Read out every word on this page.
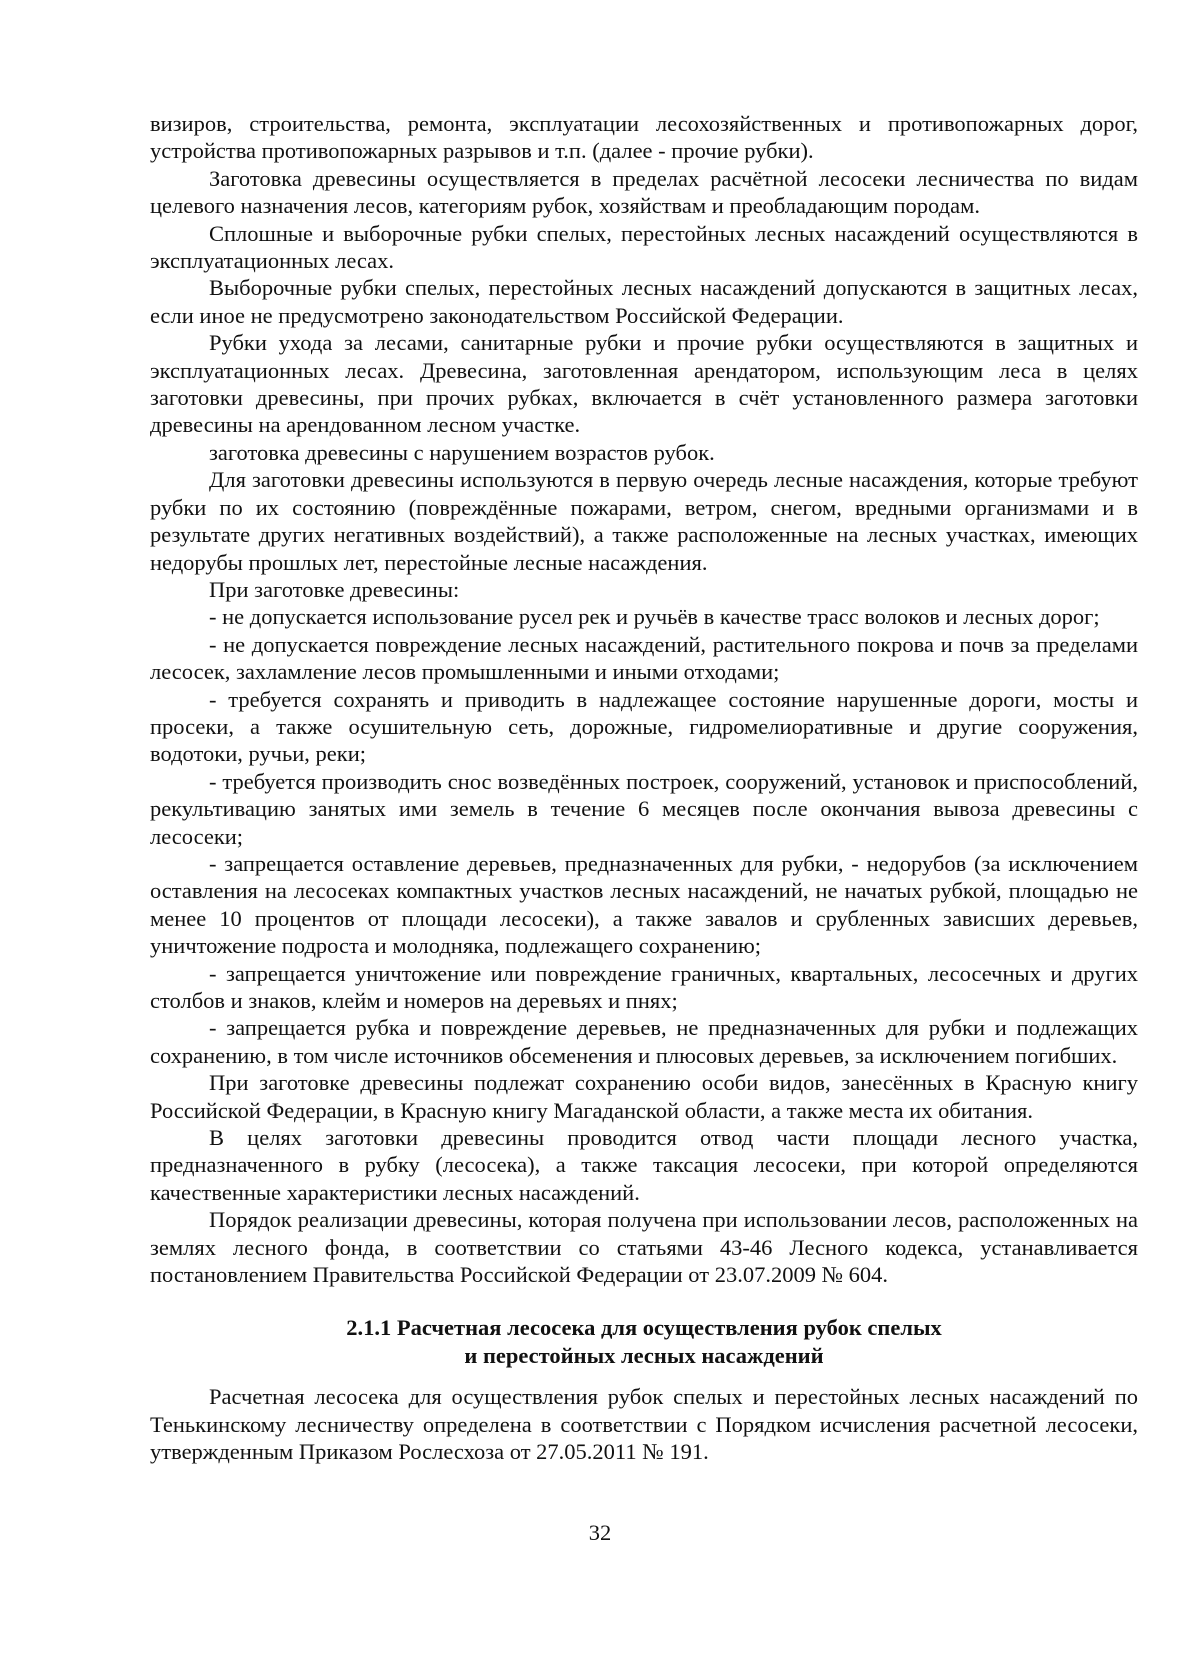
визиров, строительства, ремонта, эксплуатации лесохозяйственных и противопожарных дорог, устройства противопожарных разрывов и т.п. (далее - прочие рубки).

Заготовка древесины осуществляется в пределах расчётной лесосеки лесничества по видам целевого назначения лесов, категориям рубок, хозяйствам и преобладающим породам.

Сплошные и выборочные рубки спелых, перестойных лесных насаждений осуществляются в эксплуатационных лесах.

Выборочные рубки спелых, перестойных лесных насаждений допускаются в защитных лесах, если иное не предусмотрено законодательством Российской Федерации.

Рубки ухода за лесами, санитарные рубки и прочие рубки осуществляются в защитных и эксплуатационных лесах. Древесина, заготовленная арендатором, использующим леса в целях заготовки древесины, при прочих рубках, включается в счёт установленного размера заготовки древесины на арендованном лесном участке.

заготовка древесины с нарушением возрастов рубок.

Для заготовки древесины используются в первую очередь лесные насаждения, которые требуют рубки по их состоянию (повреждённые пожарами, ветром, снегом, вредными организмами и в результате других негативных воздействий), а также расположенные на лесных участках, имеющих недорубы прошлых лет, перестойные лесные насаждения.

При заготовке древесины:

- не допускается использование русел рек и ручьёв в качестве трасс волоков и лесных дорог;

- не допускается повреждение лесных насаждений, растительного покрова и почв за пределами лесосек, захламление лесов промышленными и иными отходами;

- требуется сохранять и приводить в надлежащее состояние нарушенные дороги, мосты и просеки, а также осушительную сеть, дорожные, гидромелиоративные и другие сооружения, водотоки, ручьи, реки;

- требуется производить снос возведённых построек, сооружений, установок и приспособлений, рекультивацию занятых ими земель в течение 6 месяцев после окончания вывоза древесины с лесосеки;

- запрещается оставление деревьев, предназначенных для рубки, - недорубов (за исключением оставления на лесосеках компактных участков лесных насаждений, не начатых рубкой, площадью не менее 10 процентов от площади лесосеки), а также завалов и срубленных зависших деревьев, уничтожение подроста и молодняка, подлежащего сохранению;

- запрещается уничтожение или повреждение граничных, квартальных, лесосечных и других столбов и знаков, клейм и номеров на деревьях и пнях;

- запрещается рубка и повреждение деревьев, не предназначенных для рубки и подлежащих сохранению, в том числе источников обсеменения и плюсовых деревьев, за исключением погибших.

При заготовке древесины подлежат сохранению особи видов, занесённых в Красную книгу Российской Федерации, в Красную книгу Магаданской области, а также места их обитания.

В целях заготовки древесины проводится отвод части площади лесного участка, предназначенного в рубку (лесосека), а также таксация лесосеки, при которой определяются качественные характеристики лесных насаждений.

Порядок реализации древесины, которая получена при использовании лесов, расположенных на землях лесного фонда, в соответствии со статьями 43-46 Лесного кодекса, устанавливается постановлением Правительства Российской Федерации от 23.07.2009 № 604.

2.1.1 Расчетная лесосека для осуществления рубок спелых
и перестойных лесных насаждений

Расчетная лесосека для осуществления рубок спелых и перестойных лесных насаждений по Тенькинскому лесничеству определена в соответствии с Порядком исчисления расчетной лесосеки, утвержденным Приказом Рослесхоза от 27.05.2011 № 191.

32
